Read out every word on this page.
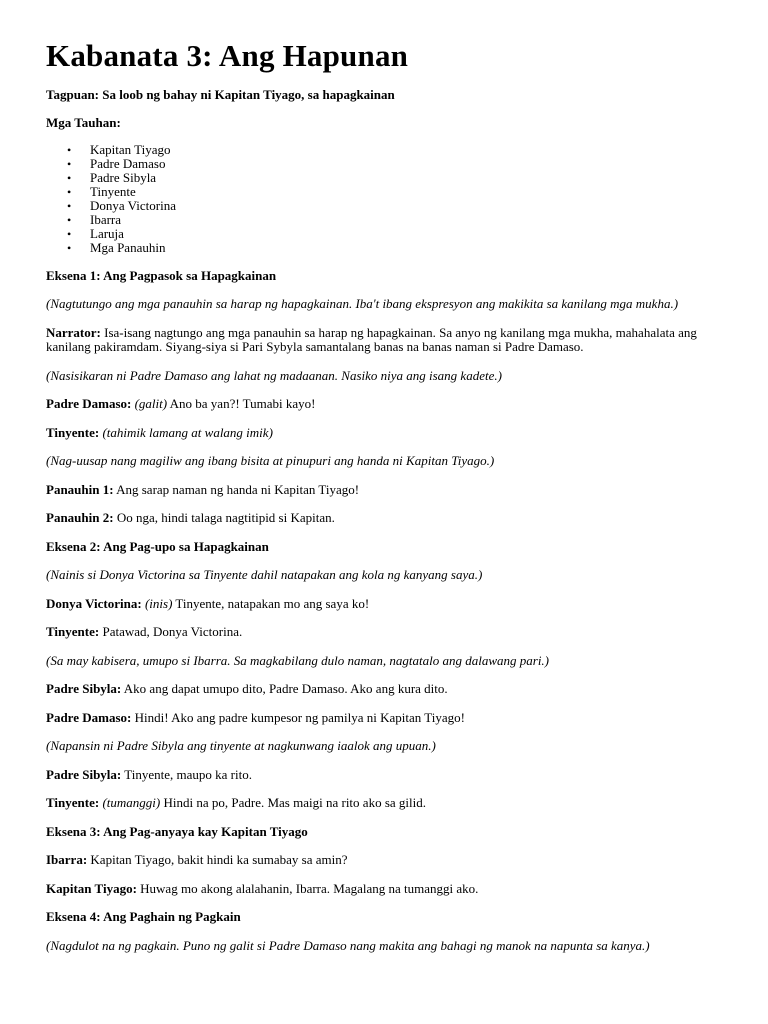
Kabanata 3: Ang Hapunan
Tagpuan: Sa loob ng bahay ni Kapitan Tiyago, sa hapagkainan
Mga Tauhan:
• Kapitan Tiyago
• Padre Damaso
• Padre Sibyla
• Tinyente
• Donya Victorina
• Ibarra
• Laruja
• Mga Panauhin
Eksena 1: Ang Pagpasok sa Hapagkainan
(Nagtutungo ang mga panauhin sa harap ng hapagkainan. Iba't ibang ekspresyon ang makikita sa kanilang mga mukha.)
Narrator: Isa-isang nagtungo ang mga panauhin sa harap ng hapagkainan. Sa anyo ng kanilang mga mukha, mahahalata ang kanilang pakiramdam. Siyang-siya si Pari Sybyla samantalang banas na banas naman si Padre Damaso.
(Nasisikaran ni Padre Damaso ang lahat ng madaanan. Nasiko niya ang isang kadete.)
Padre Damaso: (galit) Ano ba yan?! Tumabi kayo!
Tinyente: (tahimik lamang at walang imik)
(Nag-uusap nang magiliw ang ibang bisita at pinupuri ang handa ni Kapitan Tiyago.)
Panauhin 1: Ang sarap naman ng handa ni Kapitan Tiyago!
Panauhin 2: Oo nga, hindi talaga nagtitipid si Kapitan.
Eksena 2: Ang Pag-upo sa Hapagkainan
(Nainis si Donya Victorina sa Tinyente dahil natapakan ang kola ng kanyang saya.)
Donya Victorina: (inis) Tinyente, natapakan mo ang saya ko!
Tinyente: Patawad, Donya Victorina.
(Sa may kabisera, umupo si Ibarra. Sa magkabilang dulo naman, nagtatalo ang dalawang pari.)
Padre Sibyla: Ako ang dapat umupo dito, Padre Damaso. Ako ang kura dito.
Padre Damaso: Hindi! Ako ang padre kumpesor ng pamilya ni Kapitan Tiyago!
(Napansin ni Padre Sibyla ang tinyente at nagkunwang iaalok ang upuan.)
Padre Sibyla: Tinyente, maupo ka rito.
Tinyente: (tumanggi) Hindi na po, Padre. Mas maigi na rito ako sa gilid.
Eksena 3: Ang Pag-anyaya kay Kapitan Tiyago
Ibarra: Kapitan Tiyago, bakit hindi ka sumabay sa amin?
Kapitan Tiyago: Huwag mo akong alalahanin, Ibarra. Magalang na tumanggi ako.
Eksena 4: Ang Paghain ng Pagkain
(Nagdulot na ng pagkain. Puno ng galit si Padre Damaso nang makita ang bahagi ng manok na napunta sa kanya.)
